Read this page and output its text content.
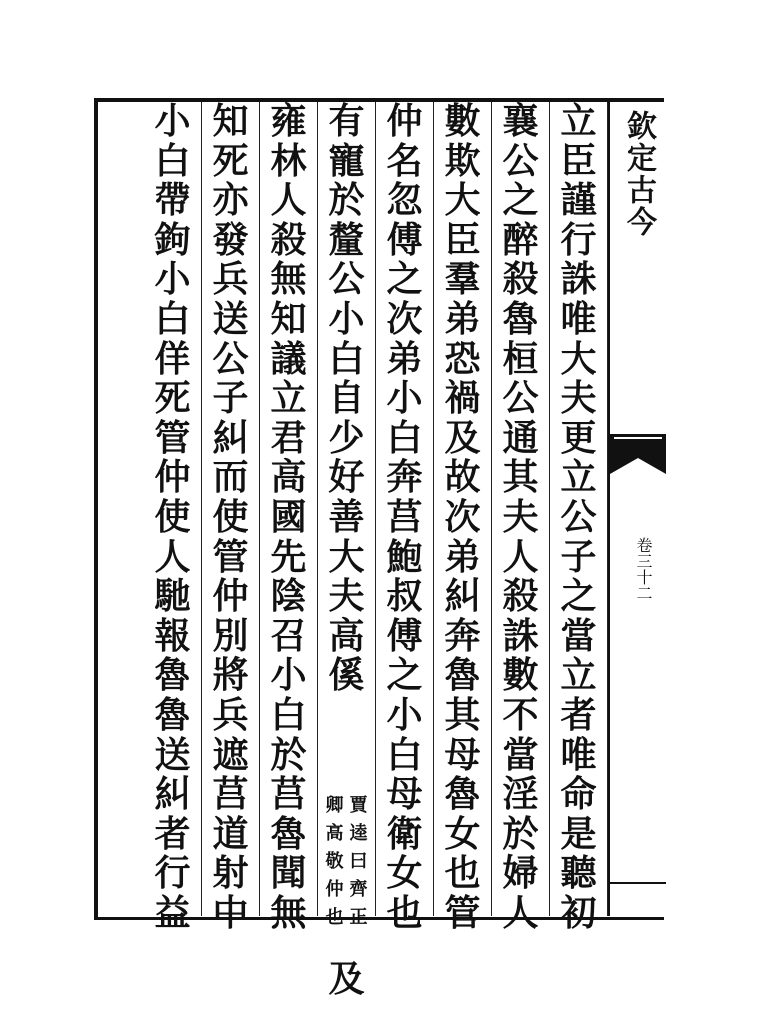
欽定古今
卷三十二
立
臣
謹
行
誅
唯
大
夫
更
立
公
子
之
當
立
者
唯
命
是
聽
初
襄
公
之
醉
殺
魯
桓
公
通
其
夫
人
殺
誅
數
不
當
淫
於
婦
人
數
欺
大
臣
羣
弟
恐
禍
及
故
次
弟
糾
奔
魯
其
母
魯
女
也
管
仲
名
忽
傅
之
次
弟
小
白
奔
莒
鮑
叔
傅
之
小
白
母
衛
女
也
有
寵
於
釐
公
小
白
自
少
好
善
大
夫
高
傒
卿
高
敬
仲
也
賈
逵
曰
齊
正
及
雍
林
人
殺
無
知
議
立
君
高
國
先
陰
召
小
白
於
莒
魯
聞
無
知
死
亦
發
兵
送
公
子
糾
而
使
管
仲
別
將
兵
遮
莒
道
射
中
小
白
帶
鉤
小
白
佯
死
管
仲
使
人
馳
報
魯
魯
送
糾
者
行
益
